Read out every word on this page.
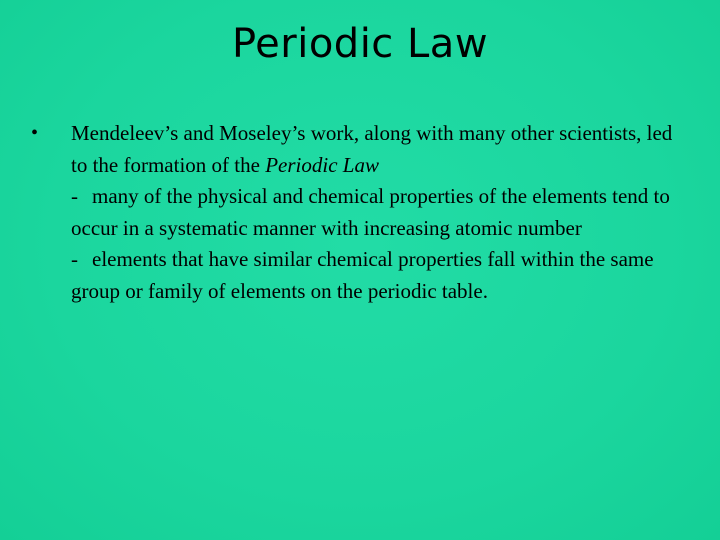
Periodic Law
•	Mendeleev’s and Moseley’s work, along with many other scientists, led to the formation of the Periodic Law
- many of the physical and chemical properties of the elements tend to occur in a systematic manner with increasing atomic number
- elements that have similar chemical properties fall within the same group or family of elements on the periodic table.
